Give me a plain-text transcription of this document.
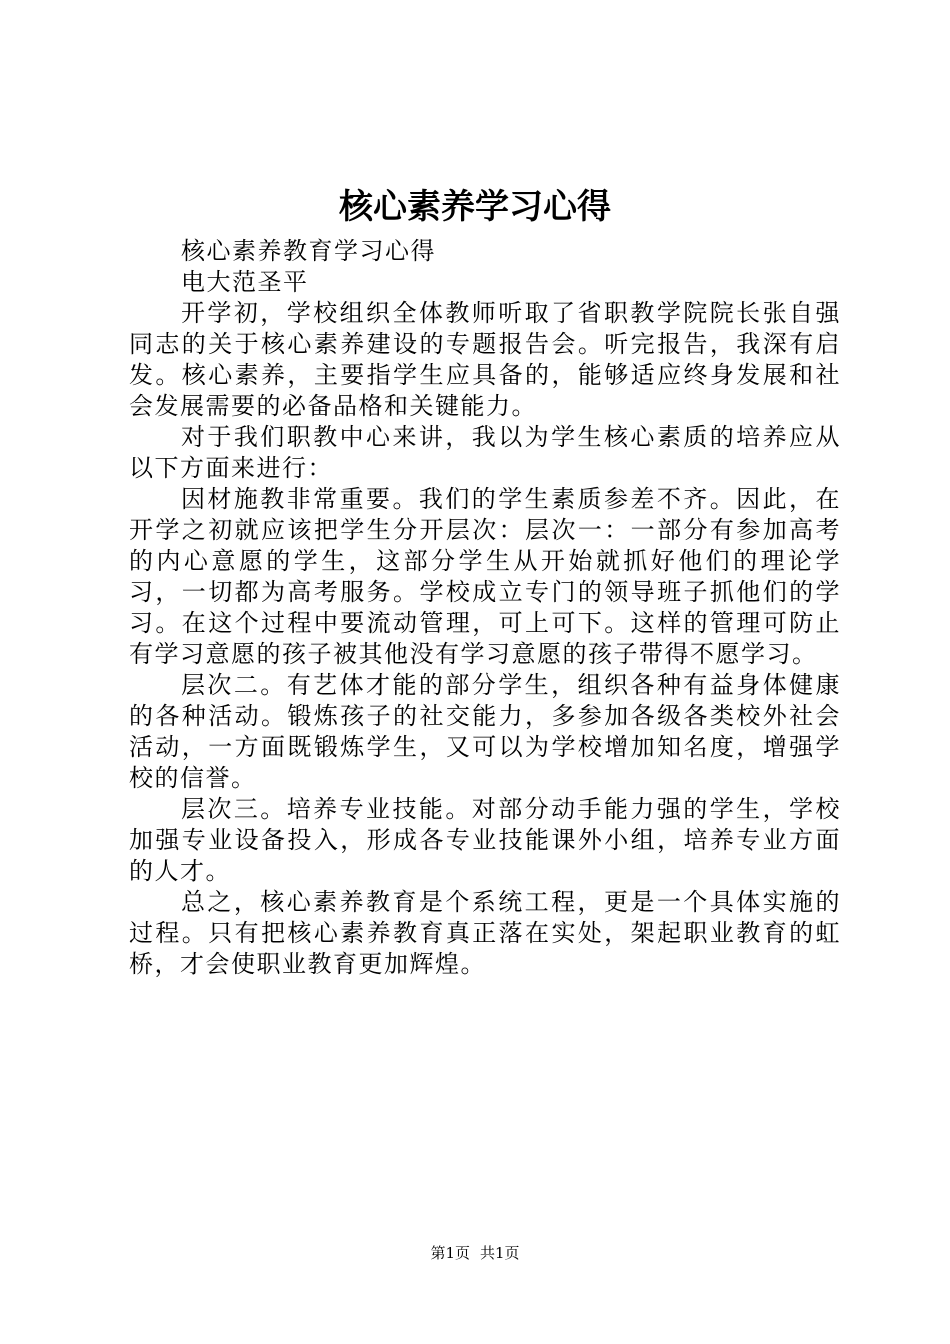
核心素养学习心得

核心素养教育学习心得

电大范圣平

开学初，学校组织全体教师听取了省职教学院院长张自强同志的关于核心素养建设的专题报告会。听完报告，我深有启发。核心素养，主要指学生应具备的，能够适应终身发展和社会发展需要的必备品格和关键能力。

对于我们职教中心来讲，我以为学生核心素质的培养应从以下方面来进行：

因材施教非常重要。我们的学生素质参差不齐。因此，在开学之初就应该把学生分开层次：层次一：一部分有参加高考的内心意愿的学生，这部分学生从开始就抓好他们的理论学习，一切都为高考服务。学校成立专门的领导班子抓他们的学习。在这个过程中要流动管理，可上可下。这样的管理可防止有学习意愿的孩子被其他没有学习意愿的孩子带得不愿学习。

层次二。有艺体才能的部分学生，组织各种有益身体健康的各种活动。锻炼孩子的社交能力，多参加各级各类校外社会活动，一方面既锻炼学生，又可以为学校增加知名度，增强学校的信誉。

层次三。培养专业技能。对部分动手能力强的学生，学校加强专业设备投入，形成各专业技能课外小组，培养专业方面的人才。

总之，核心素养教育是个系统工程，更是一个具体实施的过程。只有把核心素养教育真正落在实处，架起职业教育的虹桥，才会使职业教育更加辉煌。

第1页 共1页
